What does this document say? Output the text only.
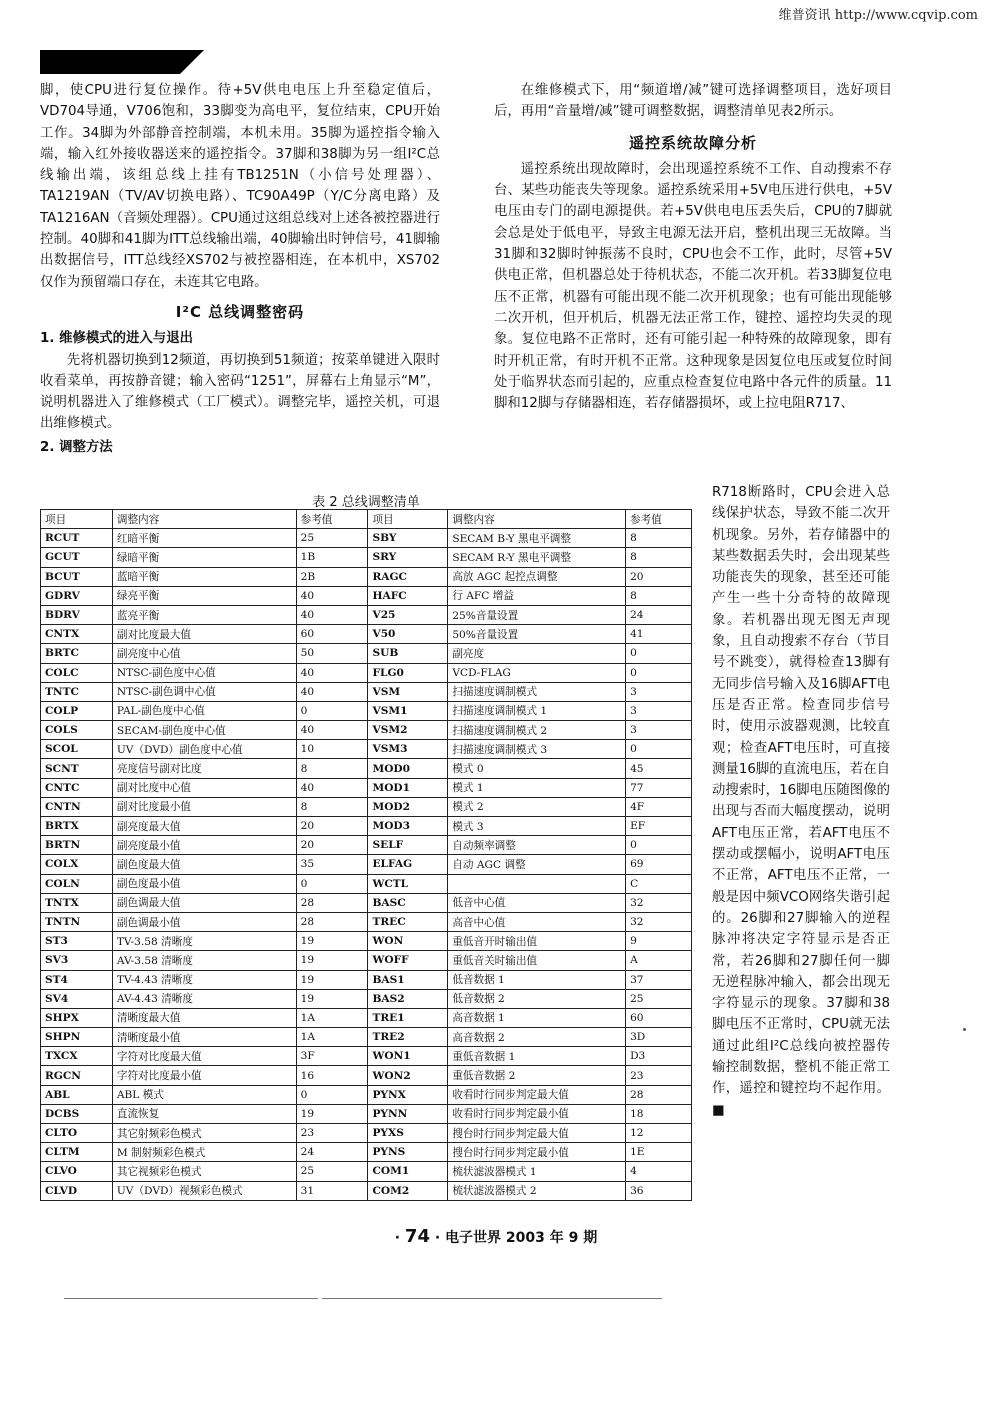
维普资讯 http://www.cqvip.com

脚，使CPU进行复位操作。待+5V供电电压上升至稳定值后，VD704导通，V706饱和，33脚变为高电平，复位结束，CPU开始工作。34脚为外部静音控制端，本机未用。35脚为遥控指令输入端，输入红外接收器送来的遥控指令。37脚和38脚为另一组I²C总线输出端，该组总线上挂有TB1251N（小信号处理器）、TA1219AN（TV/AV切换电路）、TC90A49P（Y/C分离电路）及TA1216AN（音频处理器）。CPU通过这组总线对上述各被控器进行控制。40脚和41脚为ITT总线输出端，40脚输出时钟信号，41脚输出数据信号，ITT总线经XS702与被控器相连，在本机中，XS702仅作为预留端口存在，未连其它电路。

I²C 总线调整密码
1. 维修模式的进入与退出

先将机器切换到12频道，再切换到51频道；按菜单键进入限时收看菜单，再按静音键；输入密码“1251”，屏幕右上角显示“M”，说明机器进入了维修模式（工厂模式）。调整完毕，遥控关机，可退出维修模式。

2. 调整方法

在维修模式下，用“频道增/减”键可选择调整项目，选好项目后，再用“音量增/减”键可调整数据，调整清单见表2所示。

遥控系统故障分析

遥控系统出现故障时，会出现遥控系统不工作、自动搜索不存台、某些功能丧失等现象。遥控系统采用+5V电压进行供电，+5V电压由专门的副电源提供。若+5V供电电压丢失后，CPU的7脚就会总是处于低电平，导致主电源无法开启，整机出现三无故障。当31脚和32脚时钟振荡不良时，CPU也会不工作，此时，尽管+5V供电正常，但机器总处于待机状态，不能二次开机。若33脚复位电压不正常，机器有可能出现不能二次开机现象；也有可能出现能够二次开机，但开机后，机器无法正常工作，键控、遥控均失灵的现象。复位电路不正常时，还有可能引起一种特殊的故障现象，即有时开机正常，有时开机不正常。这种现象是因复位电压或复位时间处于临界状态而引起的，应重点检查复位电路中各元件的质量。11脚和12脚与存储器相连，若存储器损坏，或上拉电阻R717、

R718断路时，CPU会进入总线保护状态，导致不能二次开机现象。另外，若存储器中的某些数据丢失时，会出现某些功能丧失的现象，甚至还可能产生一些十分奇特的故障现象。若机器出现无图无声现象，且自动搜索不存台（节目号不跳变），就得检查13脚有无同步信号输入及16脚AFT电压是否正常。检查同步信号时，使用示波器观测，比较直观；检查AFT电压时，可直接测量16脚的直流电压，若在自动搜索时，16脚电压随图像的出现与否而大幅度摆动，说明AFT电压正常，若AFT电压不摆动或摆幅小，说明AFT电压不正常，AFT电压不正常，一般是因中频VCO网络失谐引起的。26脚和27脚输入的逆程脉冲将决定字符显示是否正常，若26脚和27脚任何一脚无逆程脉冲输入，都会出现无字符显示的现象。37脚和38脚电压不正常时，CPU就无法通过此组I²C总线向被控器传输控制数据，整机不能正常工作，遥控和键控均不起作用。■

表 2 总线调整清单
项目	调整内容	参考值	项目	调整内容	参考值
RCUT	红暗平衡	25	SBY	SECAM B-Y 黑电平调整	8
GCUT	绿暗平衡	1B	SRY	SECAM R-Y 黑电平调整	8
BCUT	蓝暗平衡	2B	RAGC	高放 AGC 起控点调整	20
GDRV	绿亮平衡	40	HAFC	行 AFC 增益	8
BDRV	蓝亮平衡	40	V25	25%音量设置	24
CNTX	副对比度最大值	60	V50	50%音量设置	41
BRTC	副亮度中心值	50	SUB	副亮度	0
COLC	NTSC-副色度中心值	40	FLG0	VCD-FLAG	0
TNTC	NTSC-副色调中心值	40	VSM	扫描速度调制模式	3
COLP	PAL-副色度中心值	0	VSM1	扫描速度调制模式 1	3
COLS	SECAM-副色度中心值	40	VSM2	扫描速度调制模式 2	3
SCOL	UV（DVD）副色度中心值	10	VSM3	扫描速度调制模式 3	0
SCNT	亮度信号副对比度	8	MOD0	模式 0	45
CNTC	副对比度中心值	40	MOD1	模式 1	77
CNTN	副对比度最小值	8	MOD2	模式 2	4F
BRTX	副亮度最大值	20	MOD3	模式 3	EF
BRTN	副亮度最小值	20	SELF	自动频率调整	0
COLX	副色度最大值	35	ELFAG	自动 AGC 调整	69
COLN	副色度最小值	0	WCTL		C
TNTX	副色调最大值	28	BASC	低音中心值	32
TNTN	副色调最小值	28	TREC	高音中心值	32
ST3	TV-3.58 清晰度	19	WON	重低音开时输出值	9
SV3	AV-3.58 清晰度	19	WOFF	重低音关时输出值	A
ST4	TV-4.43 清晰度	19	BAS1	低音数据 1	37
SV4	AV-4.43 清晰度	19	BAS2	低音数据 2	25
SHPX	清晰度最大值	1A	TRE1	高音数据 1	60
SHPN	清晰度最小值	1A	TRE2	高音数据 2	3D
TXCX	字符对比度最大值	3F	WON1	重低音数据 1	D3
RGCN	字符对比度最小值	16	WON2	重低音数据 2	23
ABL	ABL 模式	0	PYNX	收看时行同步判定最大值	28
DCBS	直流恢复	19	PYNN	收看时行同步判定最小值	18
CLTO	其它射频彩色模式	23	PYXS	搜台时行同步判定最大值	12
CLTM	M 制射频彩色模式	24	PYNS	搜台时行同步判定最小值	1E
CLVO	其它视频彩色模式	25	COM1	梳状滤波器模式 1	4
CLVD	UV（DVD）视频彩色模式	31	COM2	梳状滤波器模式 2	36
· 74 · 电子世界 2003 年 9 期
